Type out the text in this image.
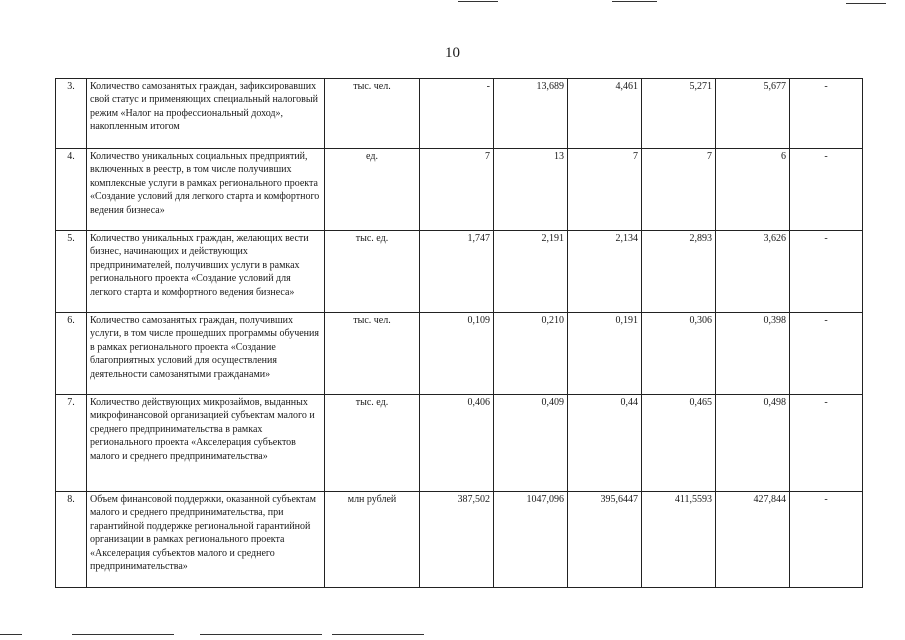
10
3.	Количество самозанятых граждан, зафиксировавших свой статус и применяющих специальный налоговый режим «Налог на профессиональный доход», накопленным итогом	тыс. чел.	-	13,689	4,461	5,271	5,677	-
4.	Количество уникальных социальных предприятий, включенных в реестр, в том числе получивших комплексные услуги в рамках регионального проекта «Создание условий для легкого старта и комфортного ведения бизнеса»	ед.	7	13	7	7	6	-
5.	Количество уникальных граждан, желающих вести бизнес, начинающих и действующих предпринимателей, получивших услуги в рамках регионального проекта «Создание условий для легкого старта и комфортного ведения бизнеса»	тыс. ед.	1,747	2,191	2,134	2,893	3,626	-
6.	Количество самозанятых граждан, получивших услуги, в том числе прошедших программы обучения в рамках регионального проекта «Создание благоприятных условий для осуществления деятельности самозанятыми гражданами»	тыс. чел.	0,109	0,210	0,191	0,306	0,398	-
7.	Количество действующих микрозаймов, выданных микрофинансовой организацией субъектам малого и среднего предпринимательства в рамках регионального проекта «Акселерация субъектов малого и среднего предпринимательства»	тыс. ед.	0,406	0,409	0,44	0,465	0,498	-
8.	Объем финансовой поддержки, оказанной субъектам малого и среднего предпринимательства, при гарантийной поддержке региональной гарантийной организации в рамках регионального проекта «Акселерация субъектов малого и среднего предпринимательства»	млн рублей	387,502	1047,096	395,6447	411,5593	427,844	-
